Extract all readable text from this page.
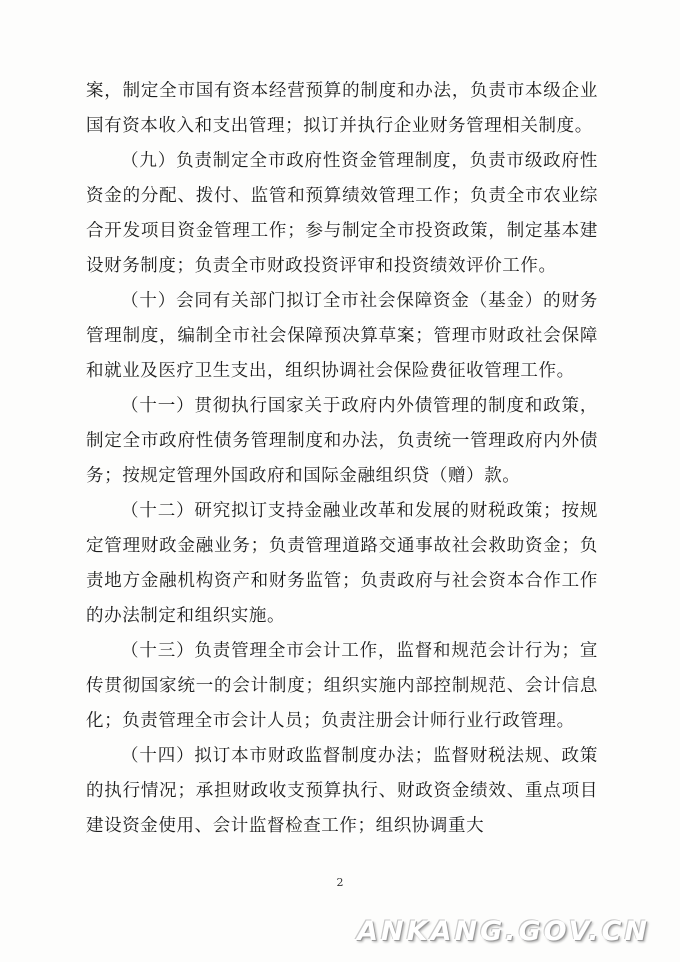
案，制定全市国有资本经营预算的制度和办法，负责市本级企业国有资本收入和支出管理；拟订并执行企业财务管理相关制度。

（九）负责制定全市政府性资金管理制度，负责市级政府性资金的分配、拨付、监管和预算绩效管理工作；负责全市农业综合开发项目资金管理工作；参与制定全市投资政策，制定基本建设财务制度；负责全市财政投资评审和投资绩效评价工作。

（十）会同有关部门拟订全市社会保障资金（基金）的财务管理制度，编制全市社会保障预决算草案；管理市财政社会保障和就业及医疗卫生支出，组织协调社会保险费征收管理工作。

（十一）贯彻执行国家关于政府内外债管理的制度和政策，制定全市政府性债务管理制度和办法，负责统一管理政府内外债务；按规定管理外国政府和国际金融组织贷（赠）款。

（十二）研究拟订支持金融业改革和发展的财税政策；按规定管理财政金融业务；负责管理道路交通事故社会救助资金；负责地方金融机构资产和财务监管；负责政府与社会资本合作工作的办法制定和组织实施。

（十三）负责管理全市会计工作，监督和规范会计行为；宣传贯彻国家统一的会计制度；组织实施内部控制规范、会计信息化；负责管理全市会计人员；负责注册会计师行业行政管理。

（十四）拟订本市财政监督制度办法；监督财税法规、政策的执行情况；承担财政收支预算执行、财政资金绩效、重点项目建设资金使用、会计监督检查工作；组织协调重大

2
ANKANG.GOV.CN
